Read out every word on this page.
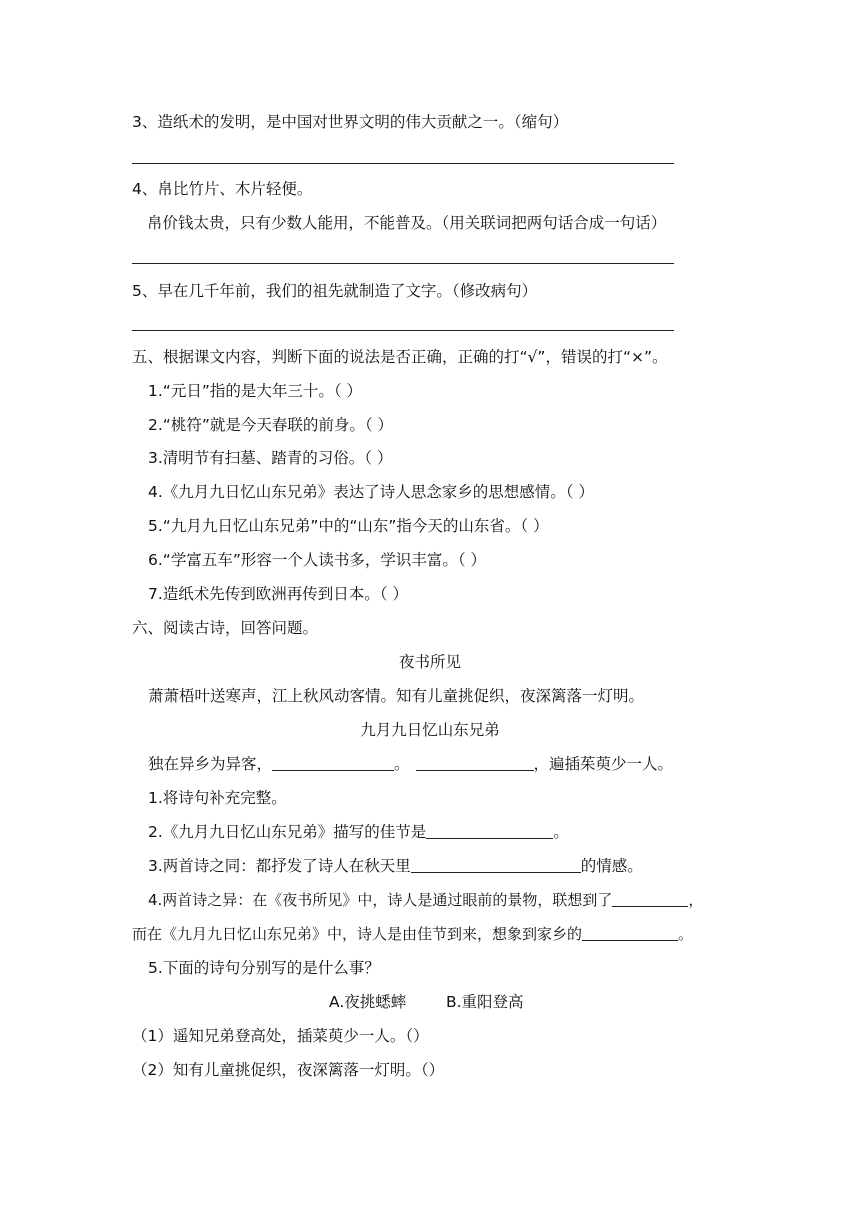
3、造纸术的发明，是中国对世界文明的伟大贡献之一。（缩句）
4、帛比竹片、木片轻便。
帛价钱太贵，只有少数人能用，不能普及。（用关联词把两句话合成一句话）
5、早在几千年前，我们的祖先就制造了文字。（修改病句）
五、根据课文内容，判断下面的说法是否正确，正确的打“√”，错误的打“×”。
1.“元日”指的是大年三十。（ ）
2.“桃符”就是今天春联的前身。（ ）
3.清明节有扫墓、踏青的习俗。（ ）
4.《九月九日忆山东兄弟》表达了诗人思念家乡的思想感情。（ ）
5.“九月九日忆山东兄弟”中的“山东”指今天的山东省。（ ）
6.“学富五车”形容一个人读书多，学识丰富。（ ）
7.造纸术先传到欧洲再传到日本。（ ）
六、阅读古诗，回答问题。
夜书所见
萧萧梧叶送寒声，江上秋风动客情。知有儿童挑促织，夜深篱落一灯明。
九月九日忆山东兄弟
独在异乡为异客，	。	，遍插茱萸少一人。
1.将诗句补充完整。
2.《九月九日忆山东兄弟》描写的佳节是	。
3.两首诗之同：都抒发了诗人在秋天里	的情感。
4.两首诗之异：在《夜书所见》中，诗人是通过眼前的景物，联想到了	，
而在《九月九日忆山东兄弟》中，诗人是由佳节到来，想象到家乡的	。
5.下面的诗句分别写的是什么事？
A.夜挑蟋蟀	B.重阳登高
（1）遥知兄弟登高处，插菜萸少一人。（）
（2）知有儿童挑促织，夜深篱落一灯明。（）
